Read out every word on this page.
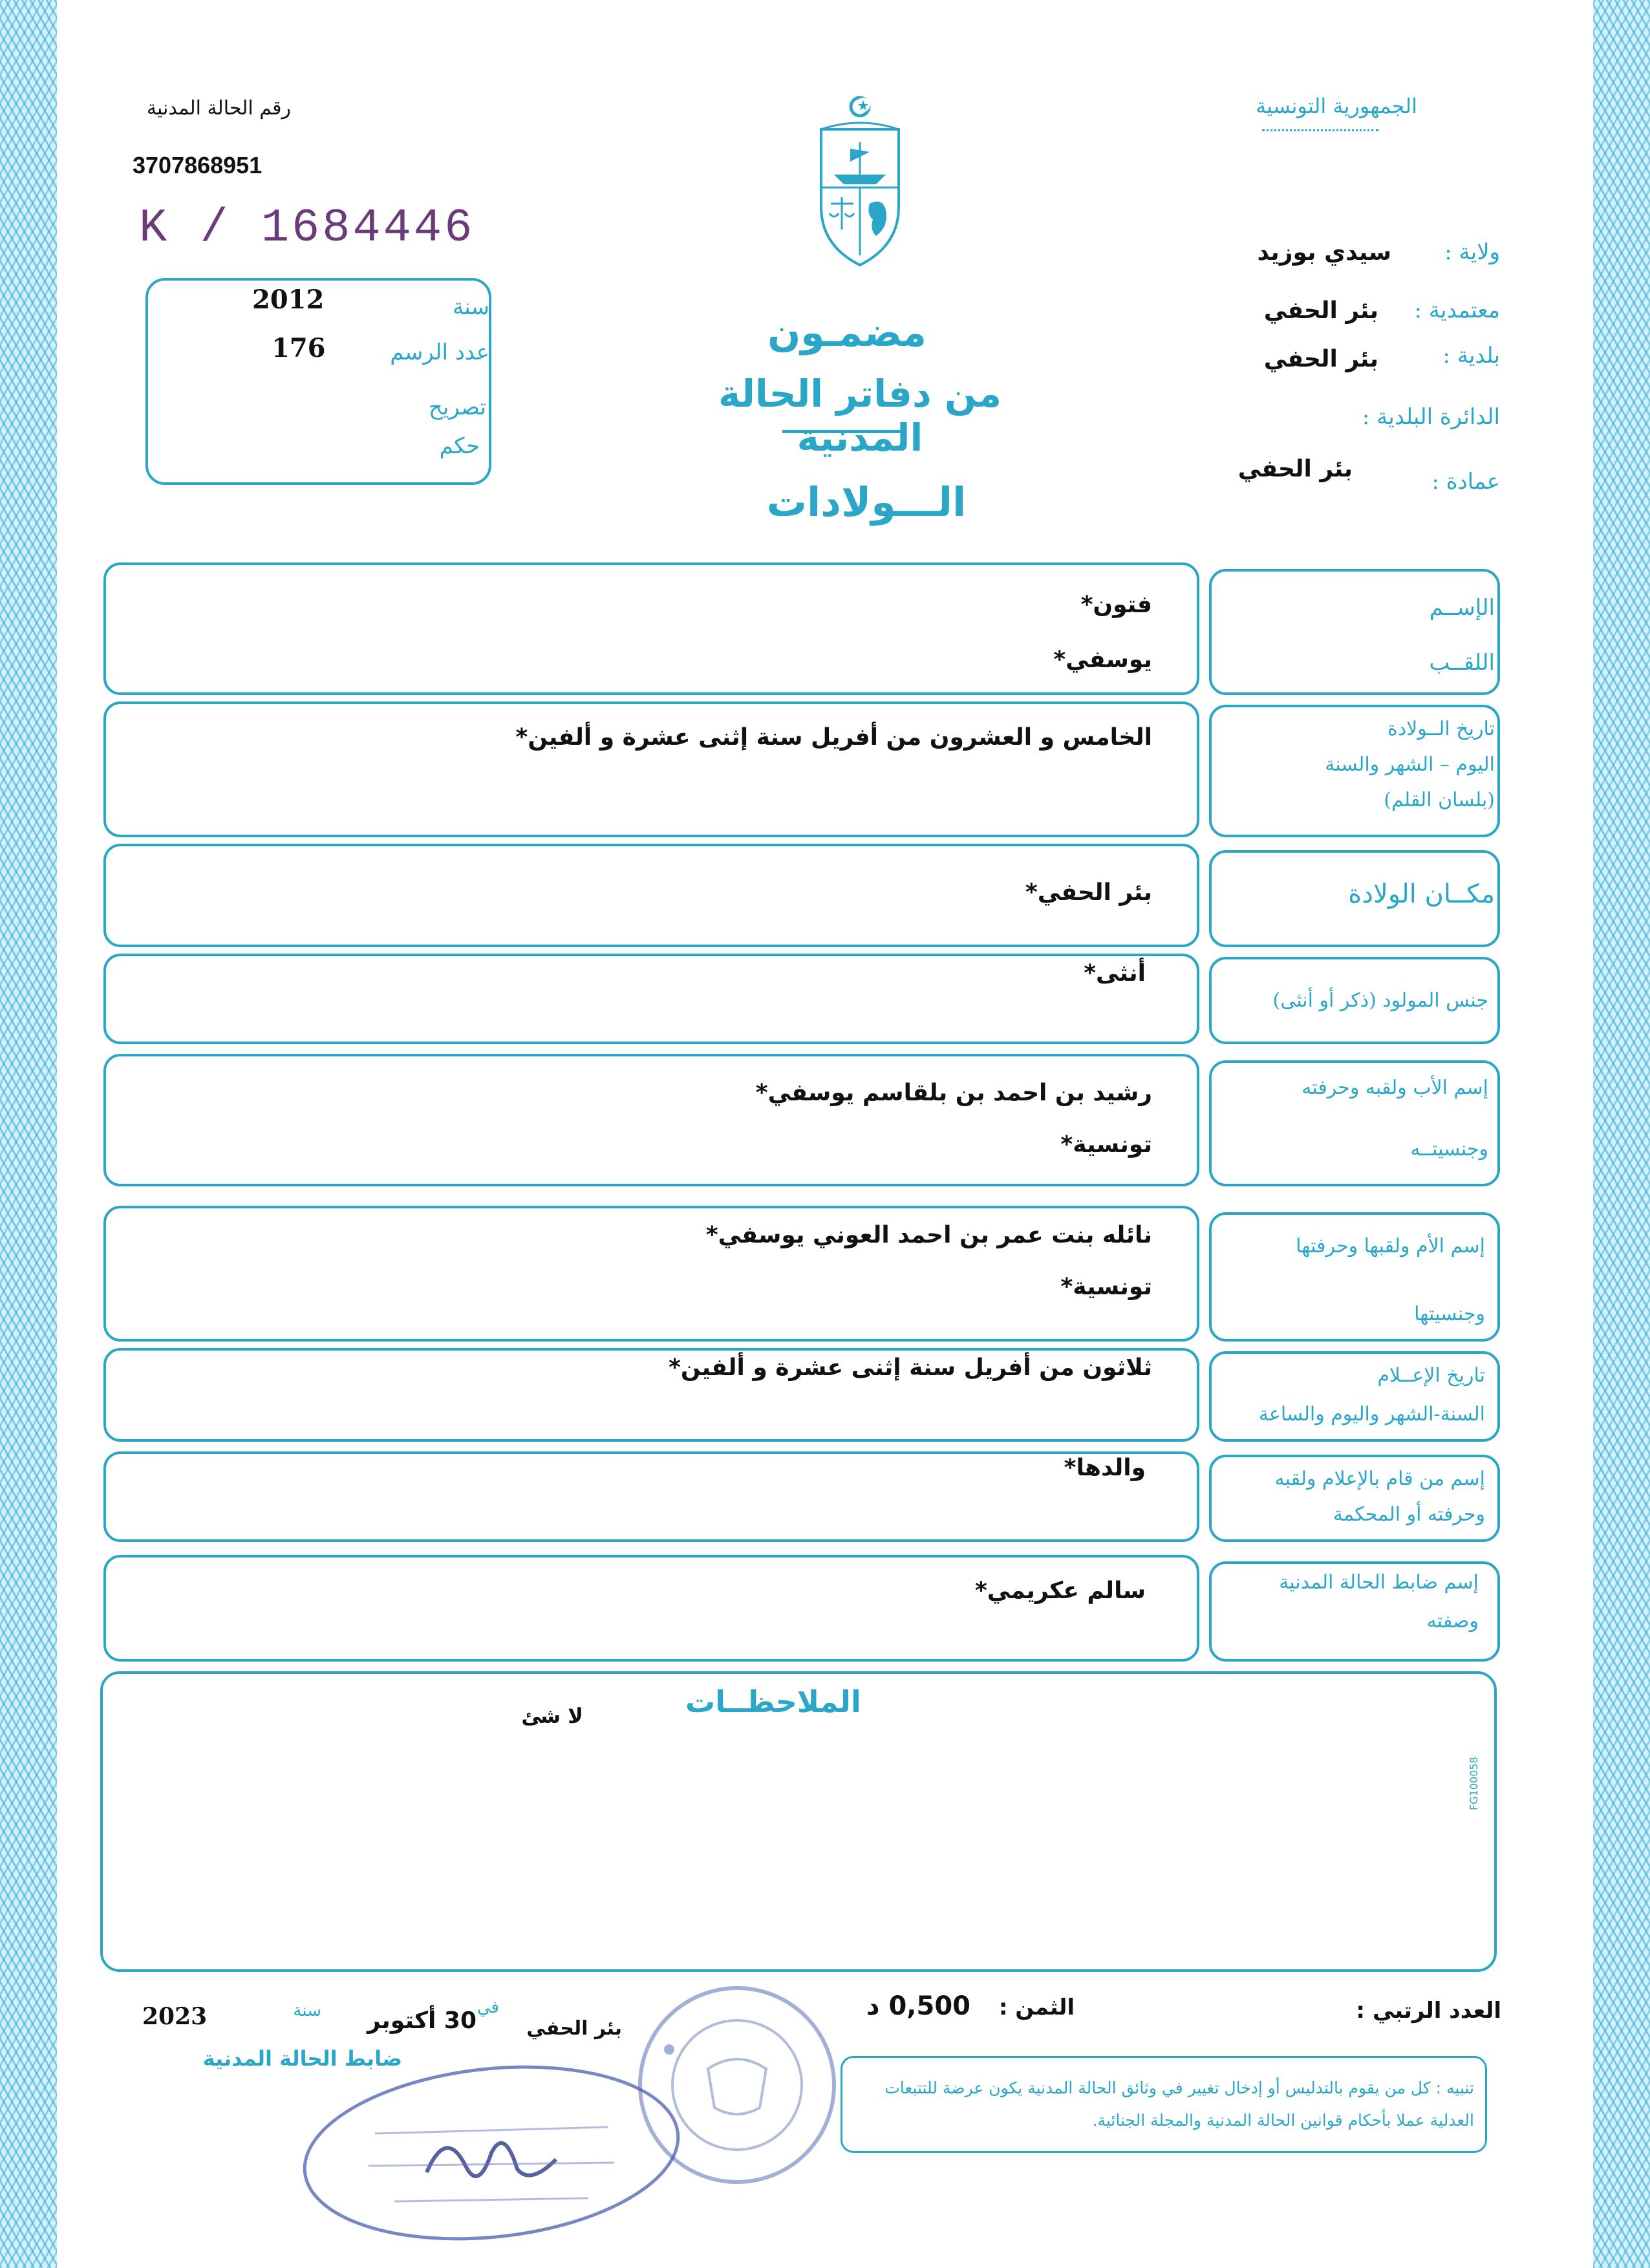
رقم الحالة المدنية
3707868951
K / 1684446
سنة
2012
عدد الرسم
176
تصريح
حكم
الجمهورية التونسية
ولاية :
سيدي بوزيد
معتمدية :
بئر الحفي
بلدية :
بئر الحفي
الدائرة البلدية :
عمادة :
بئر الحفي
مضمـون
من دفاتر الحالة المدنية
الـــولادات
الإســم
اللقــب
فتون*
يوسفي*
تاريخ الــولادة
اليوم – الشهر والسنة
(بلسان القلم)
الخامس و العشرون من أفريل سنة إثنى عشرة و ألفين*
مكــان الولادة
بئر الحفي*
جنس المولود (ذكر أو أنثى)
أنثى*
إسم الأب ولقبه وحرفته
وجنسيتــه
رشيد بن احمد بن بلقاسم يوسفي*
تونسية*
إسم الأم ولقبها وحرفتها
وجنسيتها
نائله بنت عمر بن احمد العوني يوسفي*
تونسية*
تاريخ الإعــلام
السنة-الشهر واليوم والساعة
ثلاثون من أفريل سنة إثنى عشرة و ألفين*
إسم من قام بالإعلام ولقبه
وحرفته أو المحكمة
والدها*
إسم ضابط الحالة المدنية
وصفته
سالم عكريمي*
الملاحظــات
لا شئ
FG100058
العدد الرتبي :
الثمن :
0,500 د
بئر الحفي
في
30 أكتوبر
سنة
2023
ضابط الحالة المدنية
تنبيه : كل من يقوم بالتدليس أو إدخال تغيير في وثائق الحالة المدنية يكون عرضة للتتبعات العدلية عملا بأحكام قوانين الحالة المدنية والمجلة الجنائية.
